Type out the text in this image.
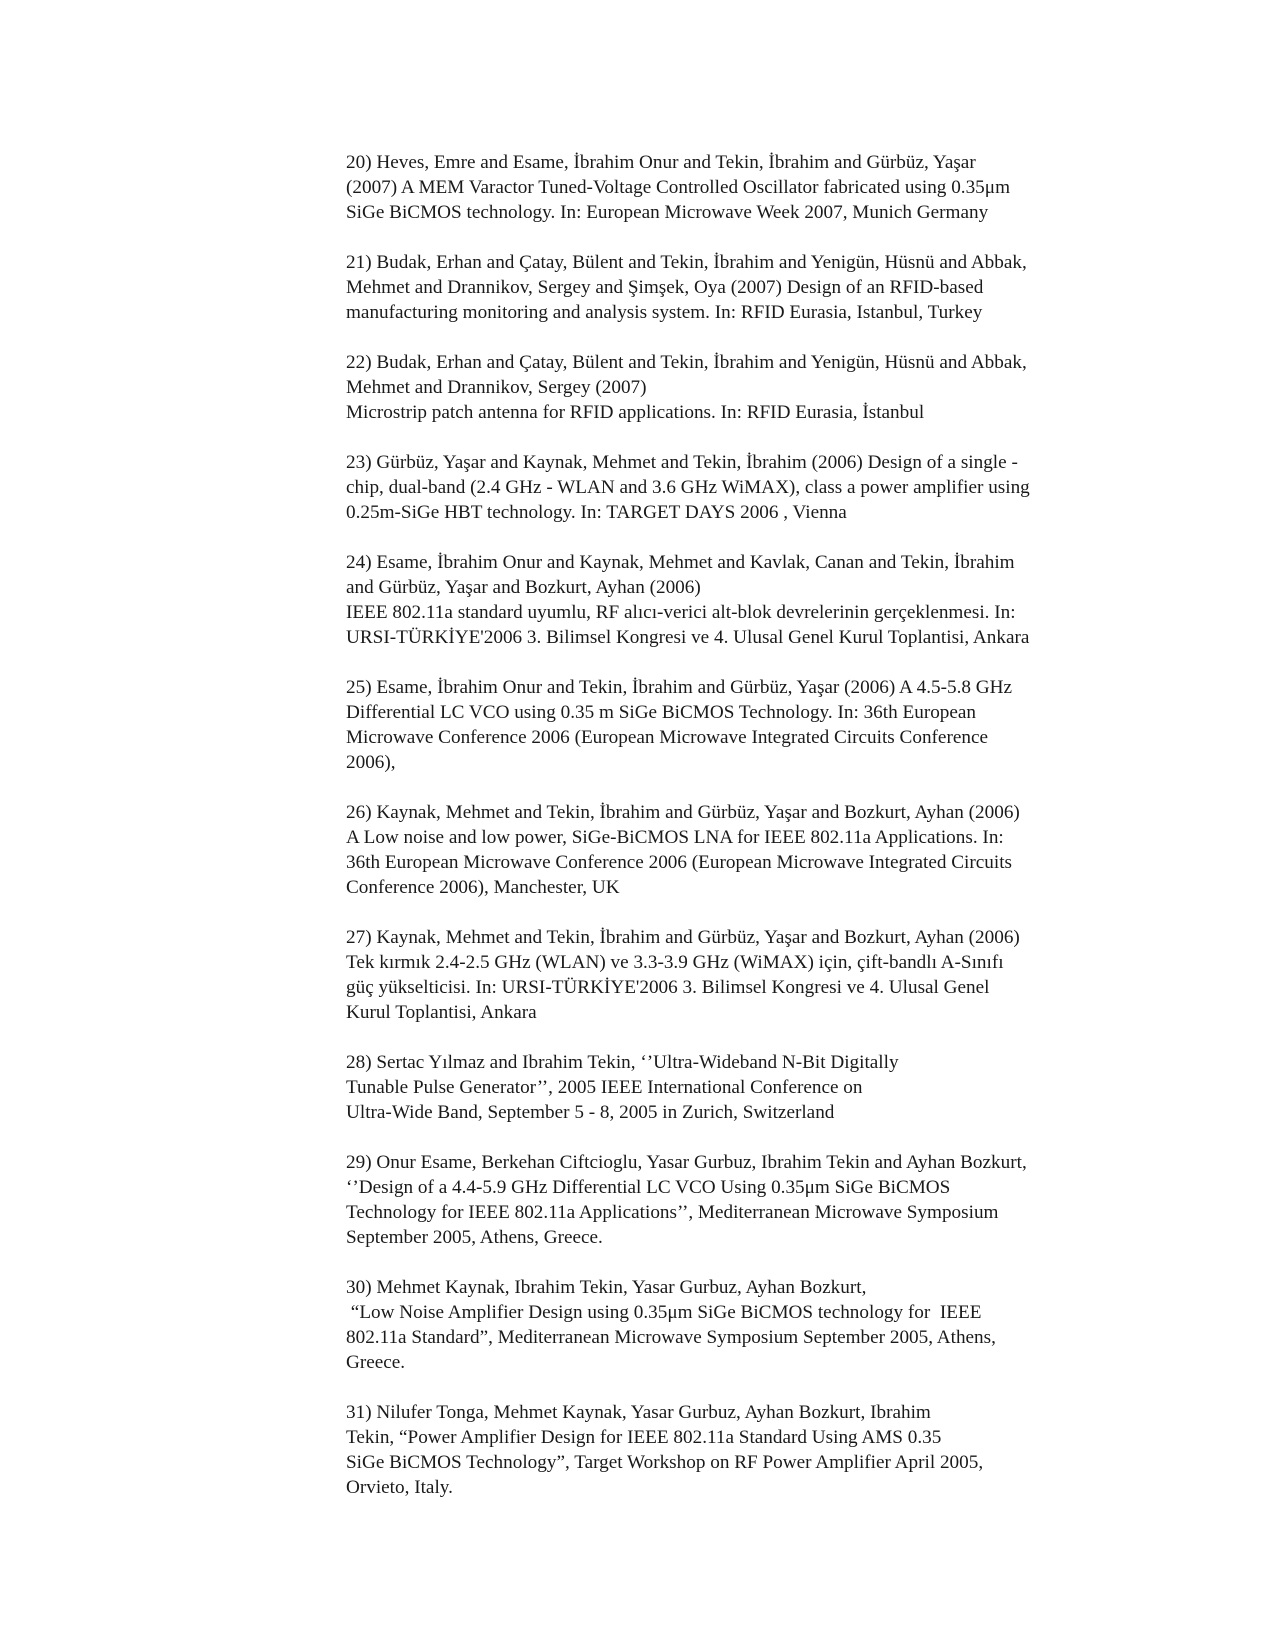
20) Heves, Emre and Esame, İbrahim Onur and Tekin, İbrahim and Gürbüz, Yaşar
(2007) A MEM Varactor Tuned-Voltage Controlled Oscillator fabricated using 0.35μm
SiGe BiCMOS technology. In: European Microwave Week 2007, Munich Germany
21) Budak, Erhan and Çatay, Bülent and Tekin, İbrahim and Yenigün, Hüsnü and Abbak,
Mehmet and Drannikov, Sergey and Şimşek, Oya (2007) Design of an RFID-based
manufacturing monitoring and analysis system. In: RFID Eurasia, Istanbul, Turkey
22) Budak, Erhan and Çatay, Bülent and Tekin, İbrahim and Yenigün, Hüsnü and Abbak,
Mehmet and Drannikov, Sergey (2007)
Microstrip patch antenna for RFID applications. In: RFID Eurasia, İstanbul
23) Gürbüz, Yaşar and Kaynak, Mehmet and Tekin, İbrahim (2006) Design of a single -
chip, dual-band (2.4 GHz - WLAN and 3.6 GHz WiMAX), class a power amplifier using
0.25m-SiGe HBT technology. In: TARGET DAYS 2006 , Vienna
24) Esame, İbrahim Onur and Kaynak, Mehmet and Kavlak, Canan and Tekin, İbrahim
and Gürbüz, Yaşar and Bozkurt, Ayhan (2006)
IEEE 802.11a standard uyumlu, RF alıcı-verici alt-blok devrelerinin gerçeklenmesi. In:
URSI-TÜRKİYE'2006 3. Bilimsel Kongresi ve 4. Ulusal Genel Kurul Toplantisi, Ankara
25) Esame, İbrahim Onur and Tekin, İbrahim and Gürbüz, Yaşar (2006) A 4.5-5.8 GHz
Differential LC VCO using 0.35 m SiGe BiCMOS Technology. In: 36th European
Microwave Conference 2006 (European Microwave Integrated Circuits Conference
2006),
26) Kaynak, Mehmet and Tekin, İbrahim and Gürbüz, Yaşar and Bozkurt, Ayhan (2006)
A Low noise and low power, SiGe-BiCMOS LNA for IEEE 802.11a Applications. In:
36th European Microwave Conference 2006 (European Microwave Integrated Circuits
Conference 2006), Manchester, UK
27) Kaynak, Mehmet and Tekin, İbrahim and Gürbüz, Yaşar and Bozkurt, Ayhan (2006)
Tek kırmık 2.4-2.5 GHz (WLAN) ve 3.3-3.9 GHz (WiMAX) için, çift-bandlı A-Sınıfı
güç yükselticisi. In: URSI-TÜRKİYE'2006 3. Bilimsel Kongresi ve 4. Ulusal Genel
Kurul Toplantisi, Ankara
28) Sertac Yılmaz and Ibrahim Tekin, ‘’Ultra-Wideband N-Bit Digitally
Tunable Pulse Generator’’, 2005 IEEE International Conference on
Ultra-Wide Band, September 5 - 8, 2005 in Zurich, Switzerland
29) Onur Esame, Berkehan Ciftcioglu, Yasar Gurbuz, Ibrahim Tekin and Ayhan Bozkurt,
‘’Design of a 4.4-5.9 GHz Differential LC VCO Using 0.35μm SiGe BiCMOS
Technology for IEEE 802.11a Applications’’, Mediterranean Microwave Symposium
September 2005, Athens, Greece.
30) Mehmet Kaynak, Ibrahim Tekin, Yasar Gurbuz, Ayhan Bozkurt,
“Low Noise Amplifier Design using 0.35μm SiGe BiCMOS technology for  IEEE
802.11a Standard”, Mediterranean Microwave Symposium September 2005, Athens,
Greece.
31) Nilufer Tonga, Mehmet Kaynak, Yasar Gurbuz, Ayhan Bozkurt, Ibrahim
Tekin, “Power Amplifier Design for IEEE 802.11a Standard Using AMS 0.35
SiGe BiCMOS Technology”, Target Workshop on RF Power Amplifier April 2005,
Orvieto, Italy.
